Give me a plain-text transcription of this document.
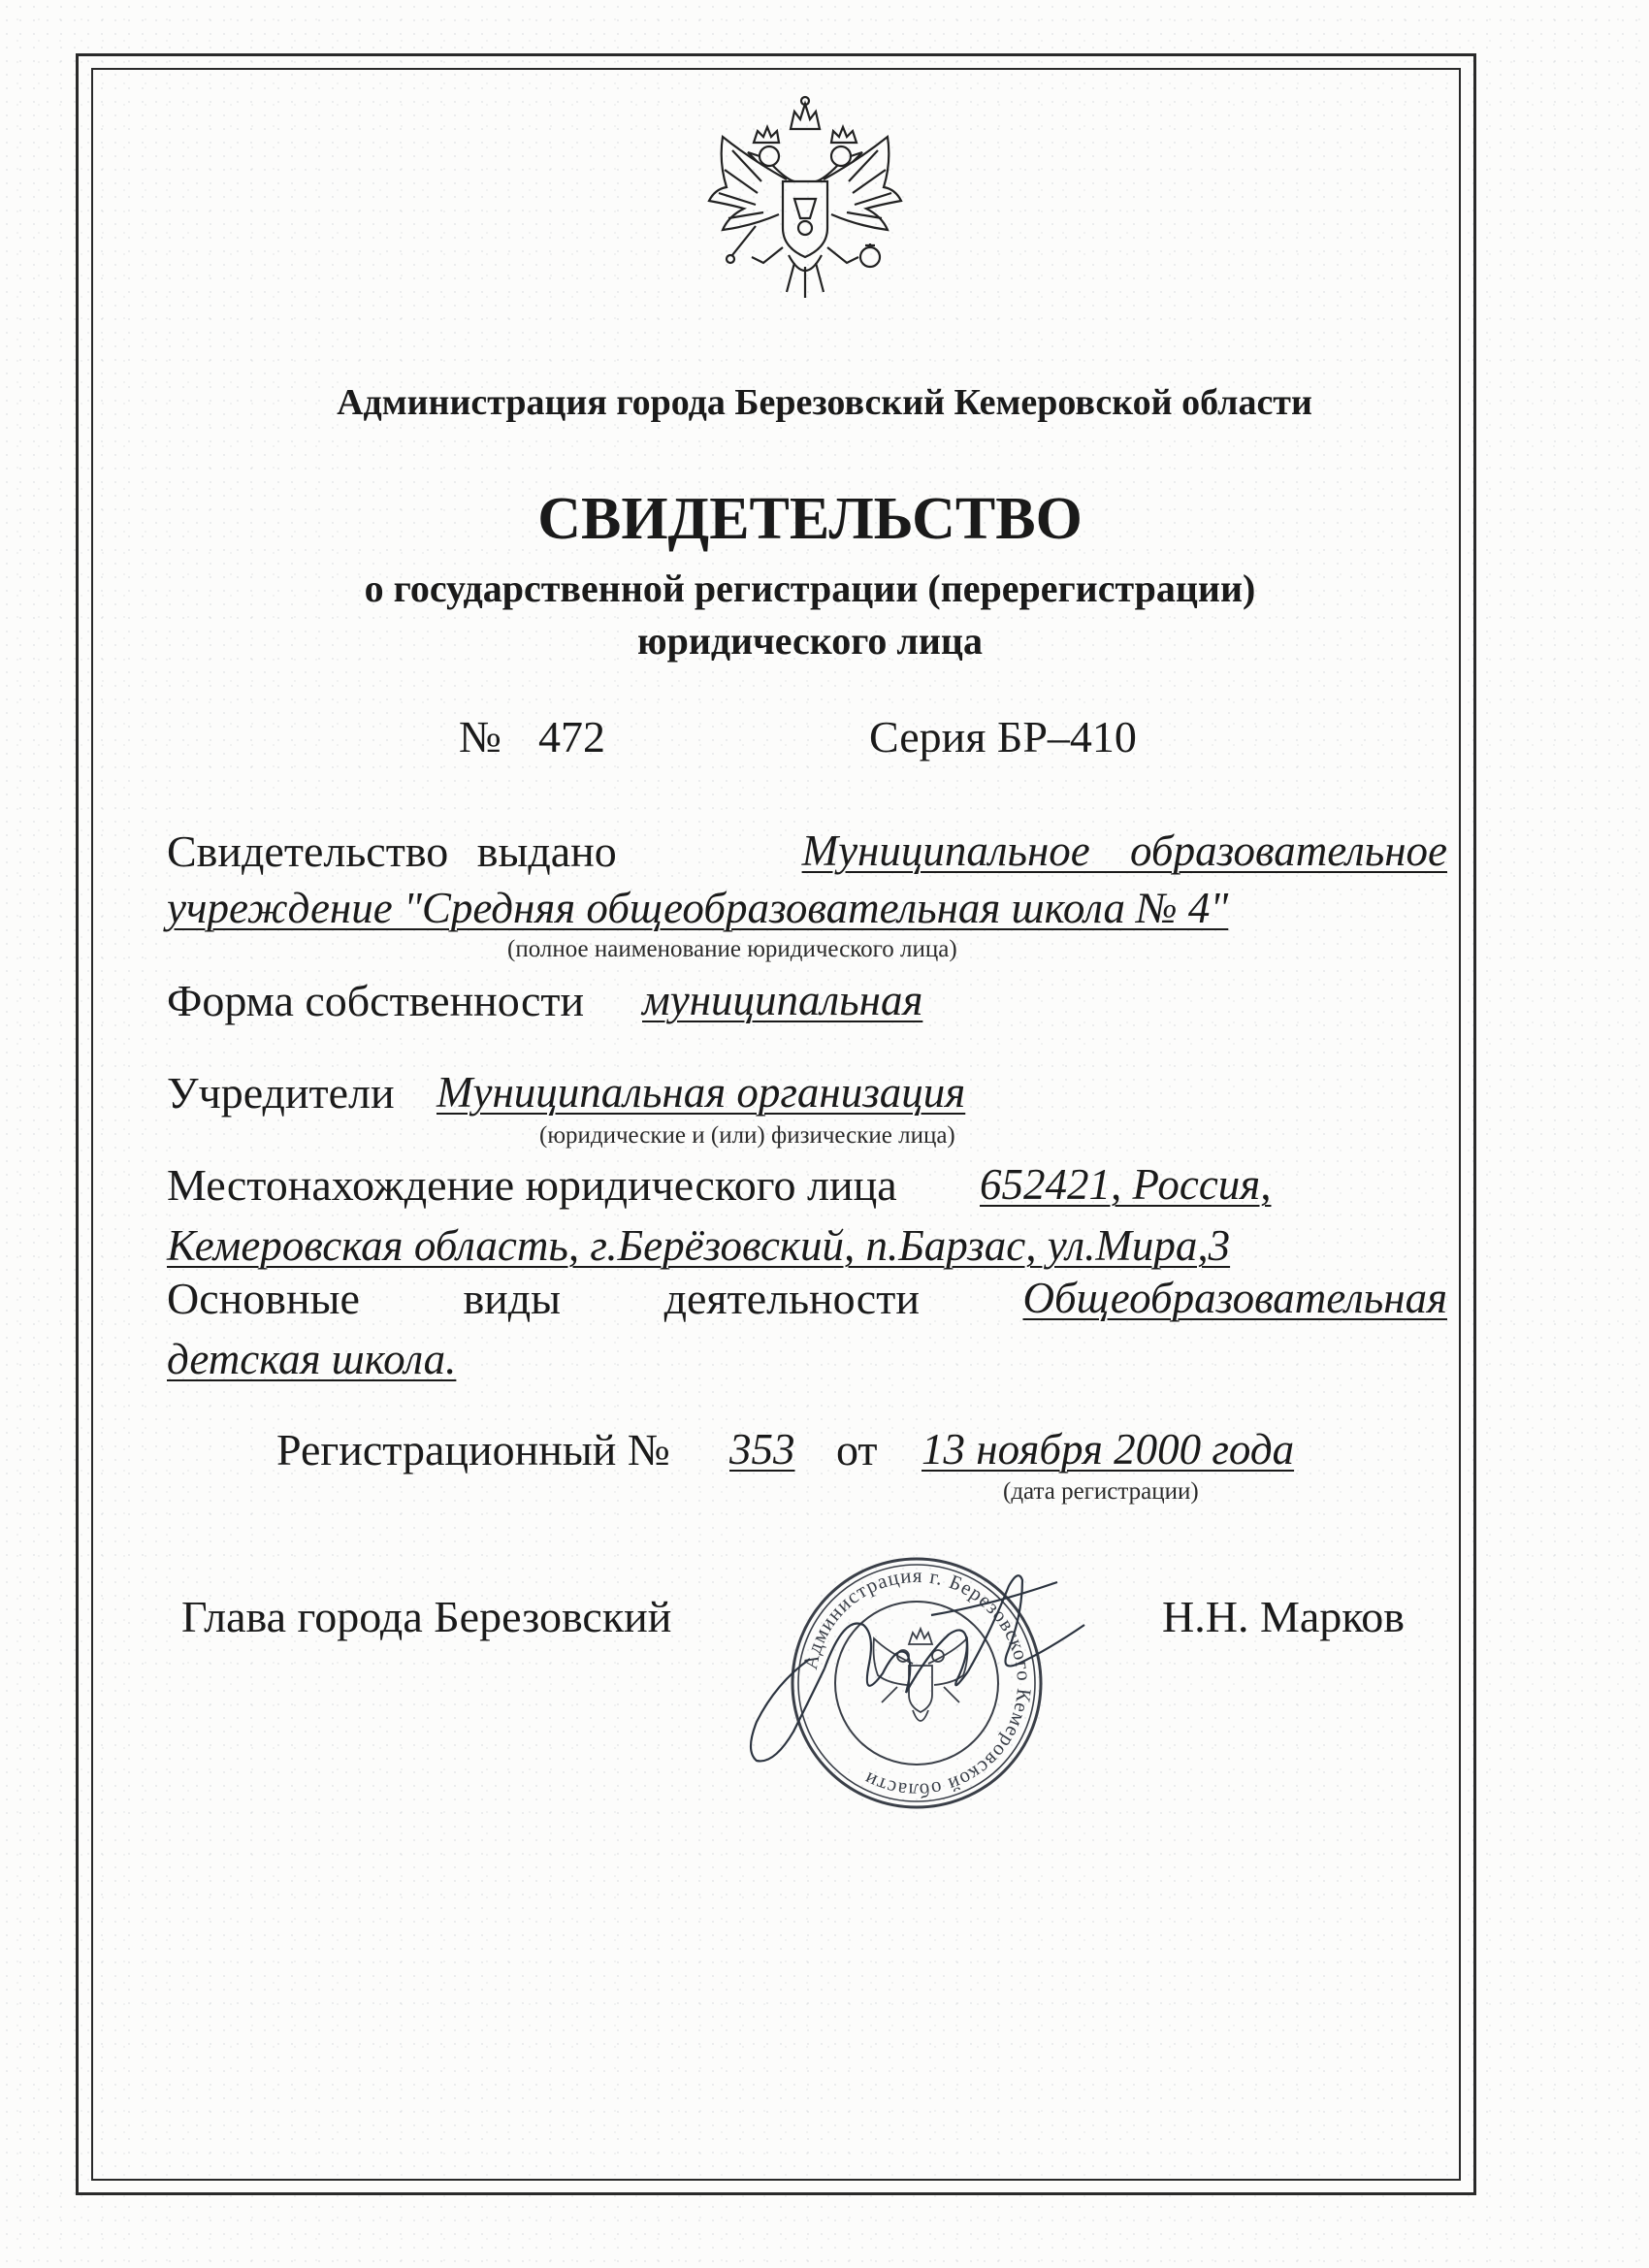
Администрация города Березовский Кемеровской области
СВИДЕТЕЛЬСТВО
о государственной регистрации (перерегистрации)
юридического лица
№ 472	Серия БР–410
Свидетельство выдано	Муниципальное образовательное
учреждение "Средняя общеобразовательная школа № 4"
(полное наименование юридического лица)
Форма собственности муниципальная
Учредители Муниципальная организация
(юридические и (или) физические лица)
Местонахождение юридического лица 652421, Россия,
Кемеровская область, г.Берёзовский, п.Барзас, ул.Мира,3
Основные виды деятельности Общеобразовательная
детская школа.
Регистрационный № 353 от 13 ноября 2000 года
(дата регистрации)
Глава города Березовский	Н.Н. Марков
Администрация г. Березовского Кемеровской области
